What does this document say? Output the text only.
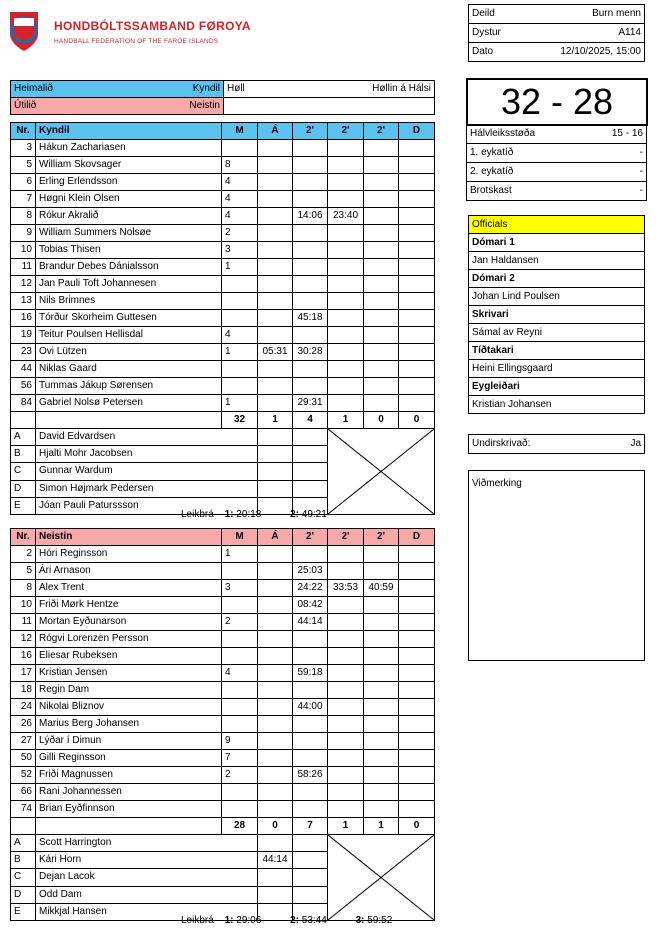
HONDBÓLTSSAMBAND FØROYA
HANDBALL FEDERATION OF THE FAROE ISLANDS
Deild	Burn menn
Dystur	A114
Dato	12/10/2025, 15:00
Heimalið Kyndil	Høll Høllin á Hálsi

Útilið Neistin	
		32 - 28
Hálvleiksstøða	15 - 16
1. eykatíð	-
2. eykatíð	-
Brotskast	-
Officials
Dómari 1
Jan Haldansen
Dómari 2
Johan Lind Poulsen
Skrivari
Sámal av Reyni
Tíðtakari
Heini Ellingsgaard
Eygleiðari
Kristian Johansen
Undirskrivað:	Ja
Viðmerking
Nr.	Kyndil	M	Á	2'	2'	2'	D
3	Hákun Zachariasen						
5	William Skovsager	8					
6	Erling Erlendsson	4					
7	Høgni Klein Olsen	4					
8	Rókur Akralið	4		14:06	23:40		
9	William Summers Nolsøe	2					
10	Tobias Thisen	3					
11	Brandur Debes Dánialsson	1					
12	Jan Pauli Toft Johannesen						
13	Nils Brimnes						
16	Tórður Skorheim Guttesen			45:18			
19	Teitur Poulsen Hellisdal	4					
23	Ovi Lützen	1	05:31	30:28			
44	Niklas Gaard						
56	Tummas Jákup Sørensen						
84	Gabriel Nolsø Petersen	1		29:31			
		32	1	4	1	0	0
A	David Edvardsen			

B	Hjalti Mohr Jacobsen						
C	Gunnar Wardum						
D	Simon Højmark Pedersen						
E	Jóan Pauli Paturssson						
Leikbrá 1: 20:18	2: 49:21
Nr.	Neistin	M	Á	2'	2'	2'	D
2	Hóri Reginsson	1					
5	Ári Arnason			25:03			
8	Alex Trent	3		24:22	33:53	40:59	
10	Friði Mørk Hentze			08:42			
11	Mortan Eyðunarson	2		44:14			
12	Rógvi Lorenzen Persson						
16	Eliesar Rubeksen						
17	Kristian Jensen	4		59:18			
18	Regin Dam						
24	Nikolai Bliznov			44:00			
26	Marius Berg Johansen						
27	Lýðar í Dimun	9					
50	Gilli Reginsson	7					
52	Friði Magnussen	2		58:26			
66	Rani Johannessen						
74	Brian Eyðfinnson						
		28	0	7	1	1	0
A	Scott Harrington			

B	Kári Horn		44:14				
C	Dejan Lacok						
D	Odd Dam						
E	Mikkjal Hansen						
Leikbrá 1: 29:06	2: 53:44	3: 59:52
